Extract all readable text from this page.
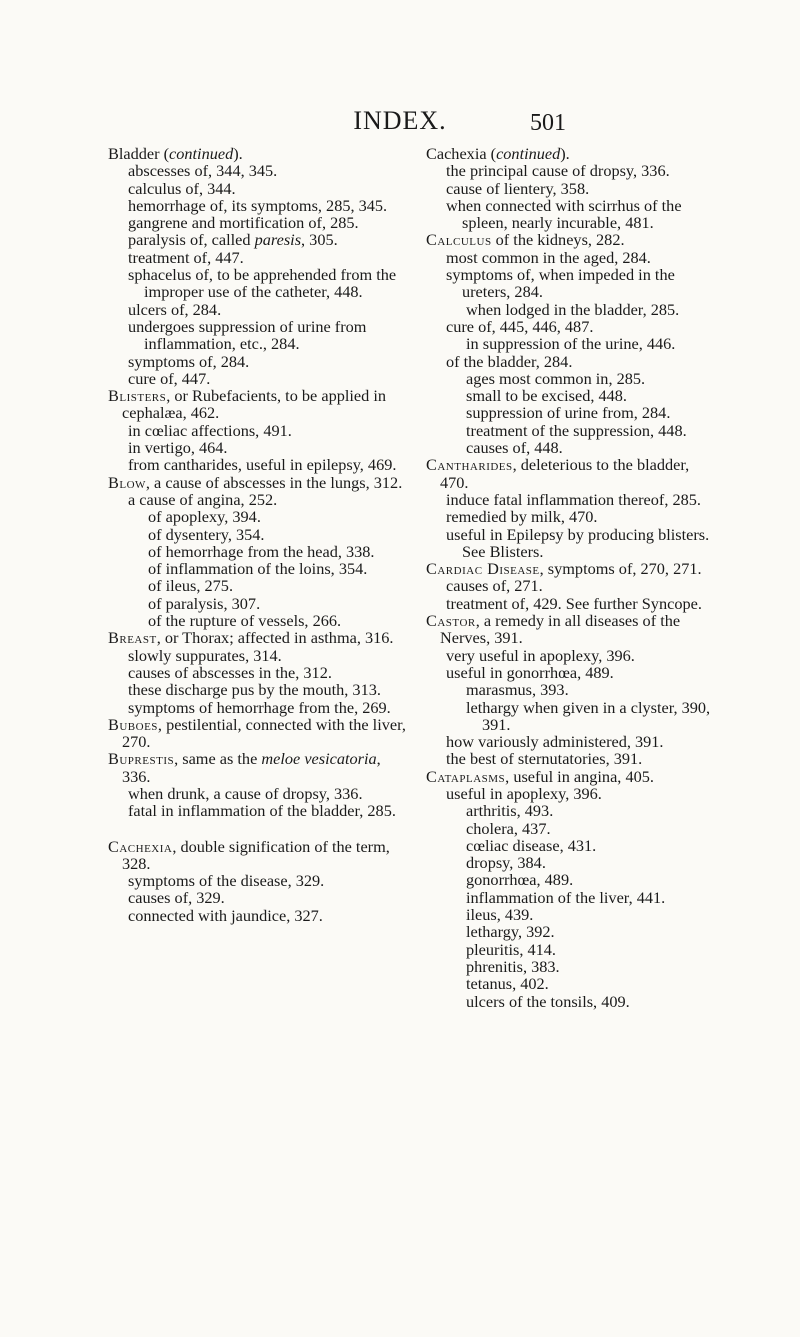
INDEX.	501

Bladder (continued).

abscesses of, 344, 345.

calculus of, 344.

hemorrhage of, its symptoms, 285, 345.

gangrene and mortification of, 285.

paralysis of, called paresis, 305.

treatment of, 447.

sphacelus of, to be apprehended from the improper use of the catheter, 448.

ulcers of, 284.

undergoes suppression of urine from inflammation, etc., 284.

symptoms of, 284.

cure of, 447.

Blisters, or Rubefacients, to be applied in cephalæa, 462.

in cœliac affections, 491.

in vertigo, 464.

from cantharides, useful in epilepsy, 469.

Blow, a cause of abscesses in the lungs, 312.

a cause of angina, 252.

of apoplexy, 394.

of dysentery, 354.

of hemorrhage from the head, 338.

of inflammation of the loins, 354.

of ileus, 275.

of paralysis, 307.

of the rupture of vessels, 266.

Breast, or Thorax; affected in asthma, 316.

slowly suppurates, 314.

causes of abscesses in the, 312.

these discharge pus by the mouth, 313.

symptoms of hemorrhage from the, 269.

Buboes, pestilential, connected with the liver, 270.

Buprestis, same as the meloe vesicatoria, 336.

when drunk, a cause of dropsy, 336.

fatal in inflammation of the bladder, 285.

Cachexia, double signification of the term, 328.

symptoms of the disease, 329.

causes of, 329.

connected with jaundice, 327.

Cachexia (continued).

the principal cause of dropsy, 336.

cause of lientery, 358.

when connected with scirrhus of the spleen, nearly incurable, 481.

Calculus of the kidneys, 282.

most common in the aged, 284.

symptoms of, when impeded in the ureters, 284.

when lodged in the bladder, 285.

cure of, 445, 446, 487.

in suppression of the urine, 446.

of the bladder, 284.

ages most common in, 285.

small to be excised, 448.

suppression of urine from, 284.

treatment of the suppression, 448.

causes of, 448.

Cantharides, deleterious to the bladder, 470.

induce fatal inflammation thereof, 285.

remedied by milk, 470.

useful in Epilepsy by producing blisters. See Blisters.

Cardiac Disease, symptoms of, 270, 271.

causes of, 271.

treatment of, 429. See further Syncope.

Castor, a remedy in all diseases of the Nerves, 391.

very useful in apoplexy, 396.

useful in gonorrhœa, 489.

marasmus, 393.

lethargy when given in a clyster, 390, 391.

how variously administered, 391.

the best of sternutatories, 391.

Cataplasms, useful in angina, 405.

useful in apoplexy, 396.

arthritis, 493.

cholera, 437.

cœliac disease, 431.

dropsy, 384.

gonorrhœa, 489.

inflammation of the liver, 441.

ileus, 439.

lethargy, 392.

pleuritis, 414.

phrenitis, 383.

tetanus, 402.

ulcers of the tonsils, 409.
